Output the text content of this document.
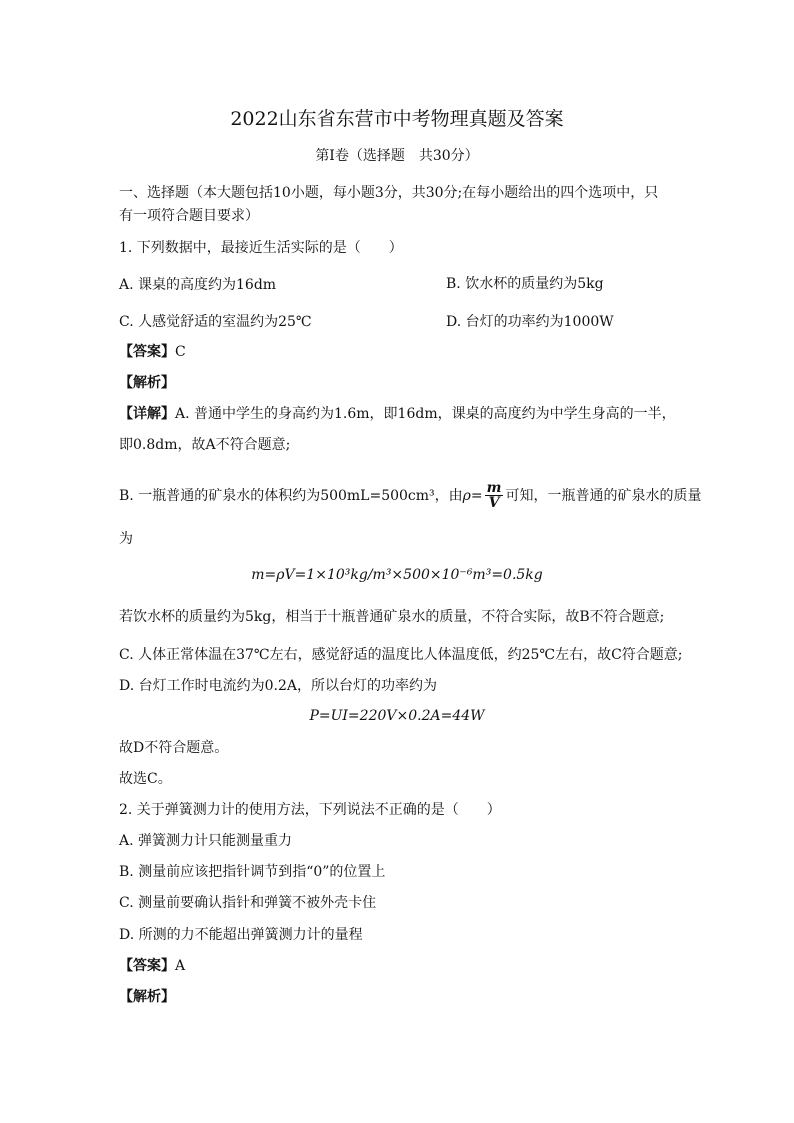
2022山东省东营市中考物理真题及答案
第Ⅰ卷（选择题　共30分）
一、选择题（本大题包括10小题，每小题3分，共30分;在每小题给出的四个选项中，只
有一项符合题目要求）
1. 下列数据中，最接近生活实际的是（　　）
A. 课桌的高度约为16dm	B. 饮水杯的质量约为5kg
C. 人感觉舒适的室温约为25℃	D. 台灯的功率约为1000W
【答案】C
【解析】
【详解】A. 普通中学生的身高约为1.6m，即16dm，课桌的高度约为中学生身高的一半，
即0.8dm，故A不符合题意;
B. 一瓶普通的矿泉水的体积约为500mL=500cm³，由$\rho= \frac{m}{V}$ 可知，一瓶普通的矿泉水的质量
为
m=ρV=1×10³kg/m³×500×10⁻⁶m³=0.5kg
若饮水杯的质量约为5kg，相当于十瓶普通矿泉水的质量，不符合实际，故B不符合题意;
C. 人体正常体温在37℃左右，感觉舒适的温度比人体温度低，约25℃左右，故C符合题意;
D. 台灯工作时电流约为0.2A，所以台灯的功率约为
P=UI=220V×0.2A=44W
故D不符合题意。
故选C。
2. 关于弹簧测力计的使用方法，下列说法不正确的是（　　）
A. 弹簧测力计只能测量重力
B. 测量前应该把指针调节到指“0”的位置上
C. 测量前要确认指针和弹簧不被外壳卡住
D. 所测的力不能超出弹簧测力计的量程
【答案】A
【解析】
